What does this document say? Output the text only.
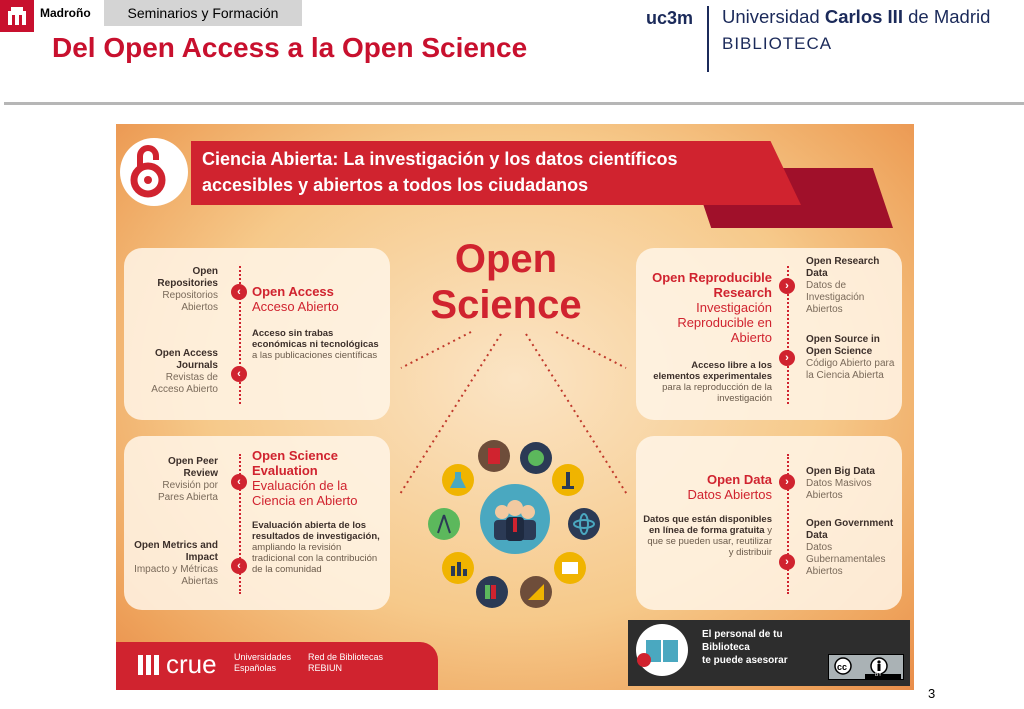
Madroño	Seminarios y Formación
Del Open Access a la Open Science
uc3m Universidad Carlos III de Madrid
BIBLIOTECA
Ciencia Abierta: La investigación y los datos científicos
accesibles y abiertos a todos los ciudadanos
Open
Science
Open Repositories
Repositorios Abiertos
Open Access Journals
Revistas de Acceso Abierto
‹
‹
Open Access
Acceso Abierto
Acceso sin trabas económicas ni tecnológicas a las publicaciones científicas
Open Peer Review
Revisión por Pares Abierta
Open Metrics and Impact
Impacto y Métricas Abiertas
‹
‹
Open Science Evaluation
Evaluación de la Ciencia en Abierto
Evaluación abierta de los resultados de investigación, ampliando la revisión tradicional con la contribución de la comunidad
Open Reproducible Research
Investigación Reproducible en Abierto
Acceso libre a los elementos experimentales para la reproducción de la investigación
›
›
Open Research Data
Datos de Investigación Abiertos
Open Source in Open Science
Código Abierto para la Ciencia Abierta
Open Data
Datos Abiertos
Datos que están disponibles en línea de forma gratuita y que se pueden usar, reutilizar y distribuir
›
›
Open Big Data
Datos Masivos Abiertos
Open Government Data
Datos Gubernamentales Abiertos
crue Universidades
Españolas
Red de Bibliotecas
REBIUN
El personal de tu
Biblioteca
te puede asesorar
cc
BY
3
